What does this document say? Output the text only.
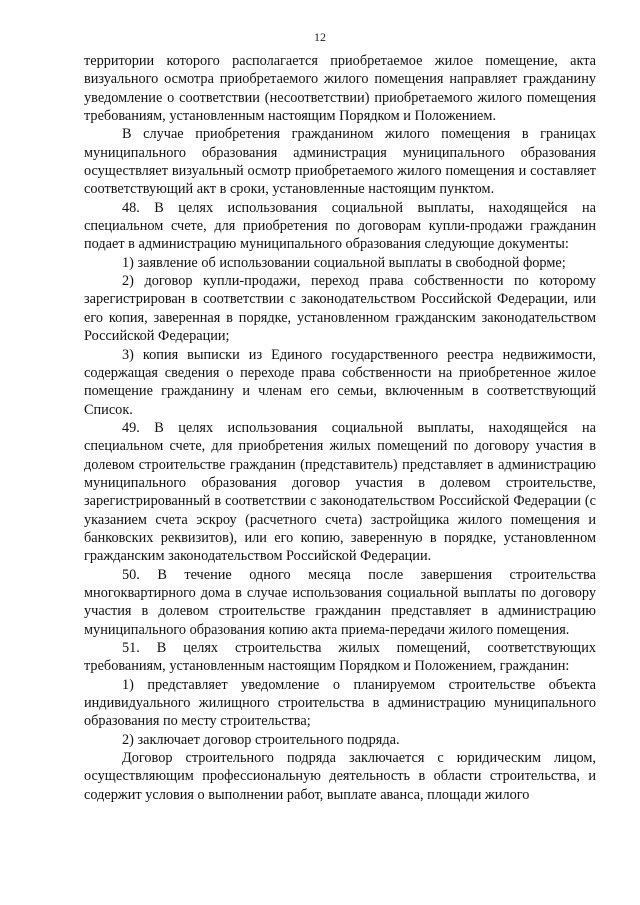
12

территории которого располагается приобретаемое жилое помещение, акта визуального осмотра приобретаемого жилого помещения направляет гражданину уведомление о соответствии (несоответствии) приобретаемого жилого помещения требованиям, установленным настоящим Порядком и Положением.

В случае приобретения гражданином жилого помещения в границах муниципального образования администрация муниципального образования осуществляет визуальный осмотр приобретаемого жилого помещения и составляет соответствующий акт в сроки, установленные настоящим пунктом.

48. В целях использования социальной выплаты, находящейся на специальном счете, для приобретения по договорам купли-продажи гражданин подает в администрацию муниципального образования следующие документы:

1) заявление об использовании социальной выплаты в свободной форме;

2) договор купли-продажи, переход права собственности по которому зарегистрирован в соответствии с законодательством Российской Федерации, или его копия, заверенная в порядке, установленном гражданским законодательством Российской Федерации;

3) копия выписки из Единого государственного реестра недвижимости, содержащая сведения о переходе права собственности на приобретенное жилое помещение гражданину и членам его семьи, включенным в соответствующий Список.

49. В целях использования социальной выплаты, находящейся на специальном счете, для приобретения жилых помещений по договору участия в долевом строительстве гражданин (представитель) представляет в администрацию муниципального образования договор участия в долевом строительстве, зарегистрированный в соответствии с законодательством Российской Федерации (с указанием счета эскроу (расчетного счета) застройщика жилого помещения и банковских реквизитов), или его копию, заверенную в порядке, установленном гражданским законодательством Российской Федерации.

50. В течение одного месяца после завершения строительства многоквартирного дома в случае использования социальной выплаты по договору участия в долевом строительстве гражданин представляет в администрацию муниципального образования копию акта приема-передачи жилого помещения.

51. В целях строительства жилых помещений, соответствующих требованиям, установленным настоящим Порядком и Положением, гражданин:

1) представляет уведомление о планируемом строительстве объекта индивидуального жилищного строительства в администрацию муниципального образования по месту строительства;

2) заключает договор строительного подряда.

Договор строительного подряда заключается с юридическим лицом, осуществляющим профессиональную деятельность в области строительства, и содержит условия о выполнении работ, выплате аванса, площади жилого
